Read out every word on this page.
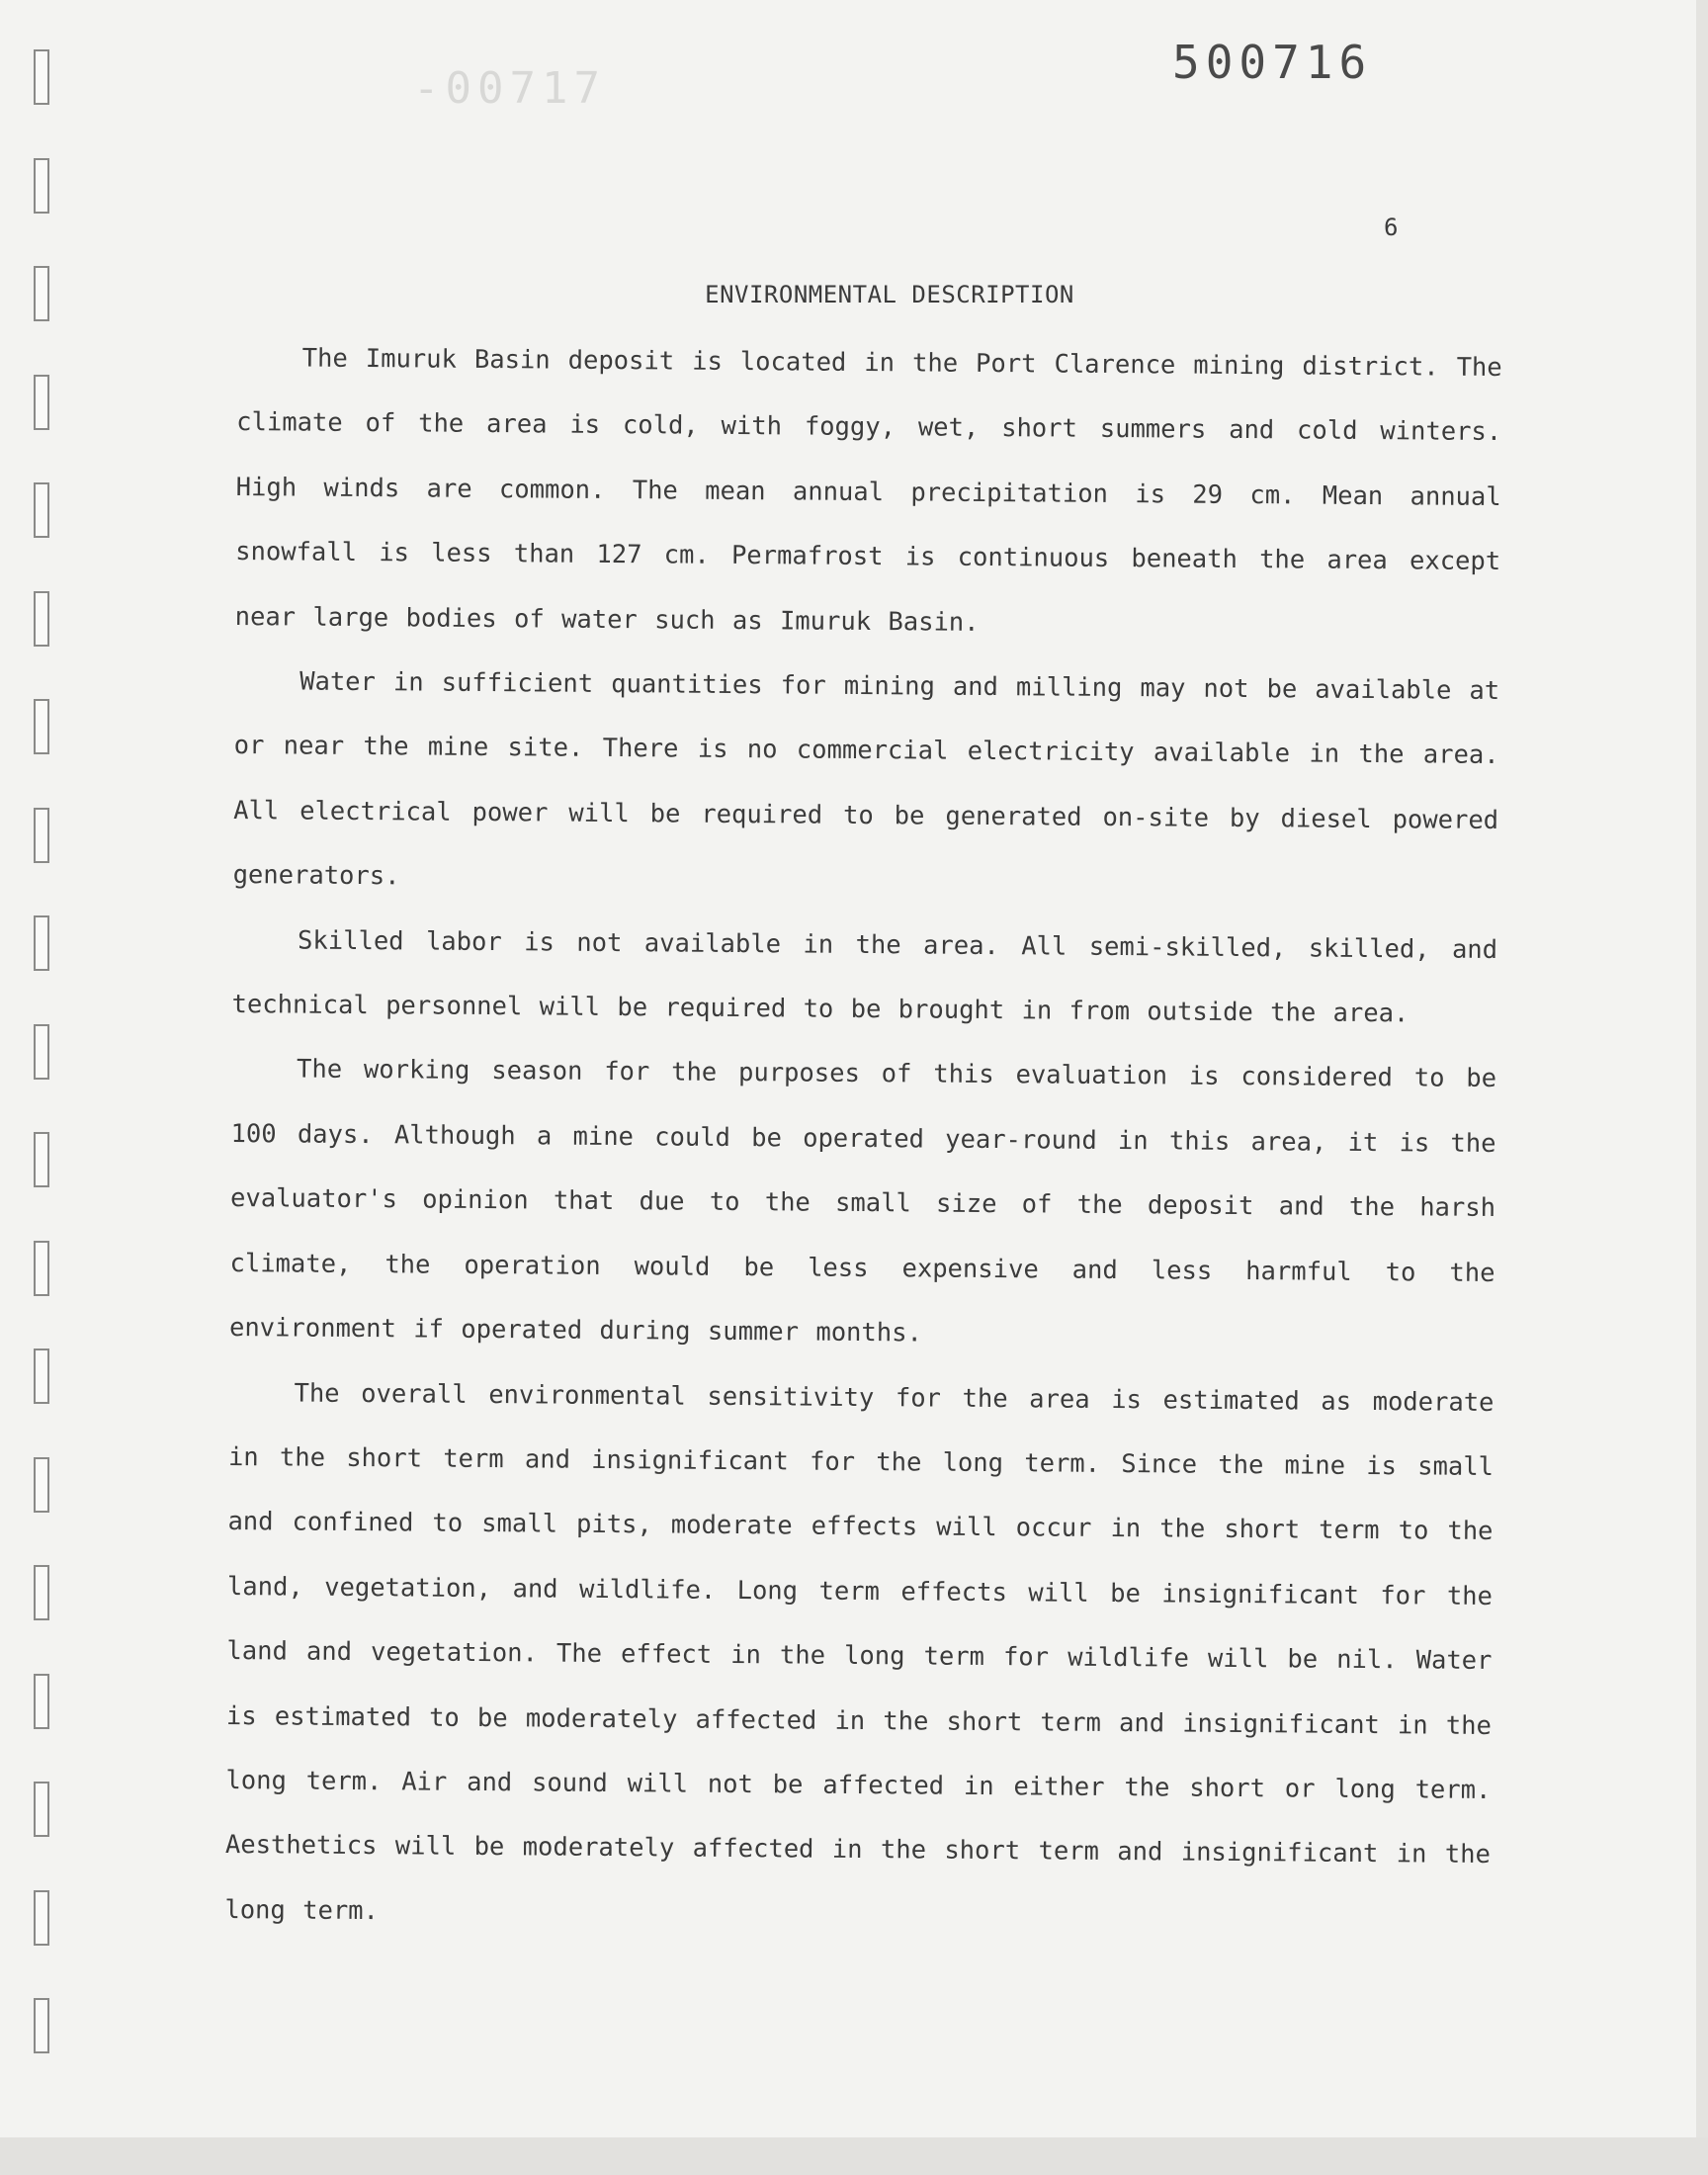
-00717	500716
6
ENVIRONMENTAL DESCRIPTION

The Imuruk Basin deposit is located in the Port Clarence mining district. The climate of the area is cold, with foggy, wet, short summers and cold winters. High winds are common. The mean annual precipitation is 29 cm. Mean annual snowfall is less than 127 cm. Permafrost is continuous beneath the area except near large bodies of water such as Imuruk Basin.

Water in sufficient quantities for mining and milling may not be available at or near the mine site. There is no commercial electricity available in the area. All electrical power will be required to be generated on-site by diesel powered generators.

Skilled labor is not available in the area. All semi-skilled, skilled, and technical personnel will be required to be brought in from outside the area.

The working season for the purposes of this evaluation is considered to be 100 days. Although a mine could be operated year-round in this area, it is the evaluator's opinion that due to the small size of the deposit and the harsh climate, the operation would be less expensive and less harmful to the environment if operated during summer months.

The overall environmental sensitivity for the area is estimated as moderate in the short term and insignificant for the long term. Since the mine is small and confined to small pits, moderate effects will occur in the short term to the land, vegetation, and wildlife. Long term effects will be insignificant for the land and vegetation. The effect in the long term for wildlife will be nil. Water is estimated to be moderately affected in the short term and insignificant in the long term. Air and sound will not be affected in either the short or long term. Aesthetics will be moderately affected in the short term and insignificant in the long term.
